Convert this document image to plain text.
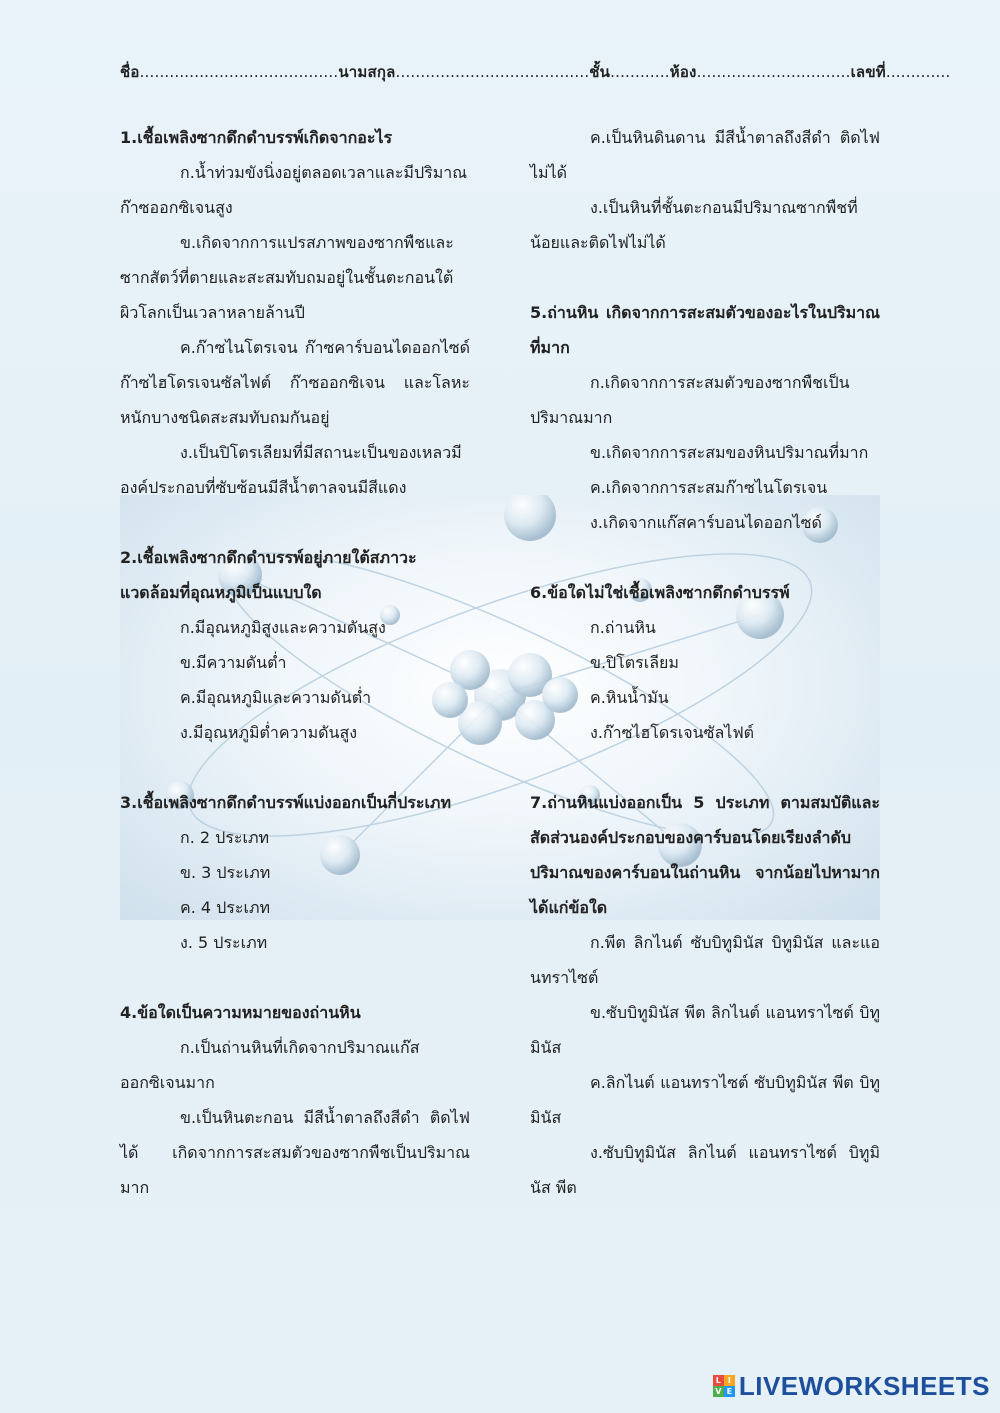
ชื่อ........................................นามสกุล.......................................ชั้น............ห้อง...............................เลขที่.............
1.เชื้อเพลิงซากดึกดำบรรพ์เกิดจากอะไร
ก.น้ำท่วมขังนิ่งอยู่ตลอดเวลาและมีปริมาณก๊าซออกซิเจนสูง
ข.เกิดจากการแปรสภาพของซากพืชและซากสัตว์ที่ตายและสะสมทับถมอยู่ในชั้นตะกอนใต้ผิวโลกเป็นเวลาหลายล้านปี
ค.ก๊าซไนโตรเจน ก๊าซคาร์บอนไดออกไซด์ ก๊าซไฮโดรเจนซัลไฟต์ ก๊าซออกซิเจน และโลหะหนักบางชนิดสะสมทับถมกันอยู่
ง.เป็นปิโตรเลียมที่มีสถานะเป็นของเหลวมีองค์ประกอบที่ซับซ้อนมีสีน้ำตาลจนมีสีแดง
2.เชื้อเพลิงซากดึกดำบรรพ์อยู่ภายใต้สภาวะแวดล้อมที่อุณหภูมิเป็นแบบใด
ก.มีอุณหภูมิสูงและความดันสูง
ข.มีความดันต่ำ
ค.มีอุณหภูมิและความดันต่ำ
ง.มีอุณหภูมิต่ำความดันสูง
3.เชื้อเพลิงซากดึกดำบรรพ์แบ่งออกเป็นกี่ประเภท
ก. 2 ประเภท
ข. 3 ประเภท
ค. 4 ประเภท
ง. 5 ประเภท
4.ข้อใดเป็นความหมายของถ่านหิน
ก.เป็นถ่านหินที่เกิดจากปริมาณแก๊สออกซิเจนมาก
ข.เป็นหินตะกอน มีสีน้ำตาลถึงสีดำ ติดไฟได้ เกิดจากการสะสมตัวของซากพืชเป็นปริมาณมาก
ค.เป็นหินดินดาน มีสีน้ำตาลถึงสีดำ ติดไฟไม่ได้
ง.เป็นหินที่ชั้นตะกอนมีปริมาณซากพืชที่น้อยและติดไฟไม่ได้
5.ถ่านหิน เกิดจากการสะสมตัวของอะไรในปริมาณที่มาก
ก.เกิดจากการสะสมตัวของซากพืชเป็นปริมาณมาก
ข.เกิดจากการสะสมของหินปริมาณที่มาก
ค.เกิดจากการสะสมก๊าซไนโตรเจน
ง.เกิดจากแก๊สคาร์บอนไดออกไซด์
6.ข้อใดไม่ใช่เชื้อเพลิงซากดึกดำบรรพ์
ก.ถ่านหิน
ข.ปิโตรเลียม
ค.หินน้ำมัน
ง.ก๊าซไฮโดรเจนซัลไฟต์
7.ถ่านหินแบ่งออกเป็น 5 ประเภท ตามสมบัติและสัดส่วนองค์ประกอบของคาร์บอนโดยเรียงลำดับปริมาณของคาร์บอนในถ่านหิน จากน้อยไปหามากได้แก่ข้อใด
ก.พีต ลิกไนต์ ซับบิทูมินัส บิทูมินัส และแอนทราไซต์
ข.ซับบิทูมินัส พีต ลิกไนต์ แอนทราไซต์ บิทูมินัส
ค.ลิกไนต์ แอนทราไซต์ ซับบิทูมินัส พีต บิทูมินัส
ง.ซับบิทูมินัส ลิกไนต์ แอนทราไซต์ บิทูมินัส พีต
L I
V E LIVEWORKSHEETS
